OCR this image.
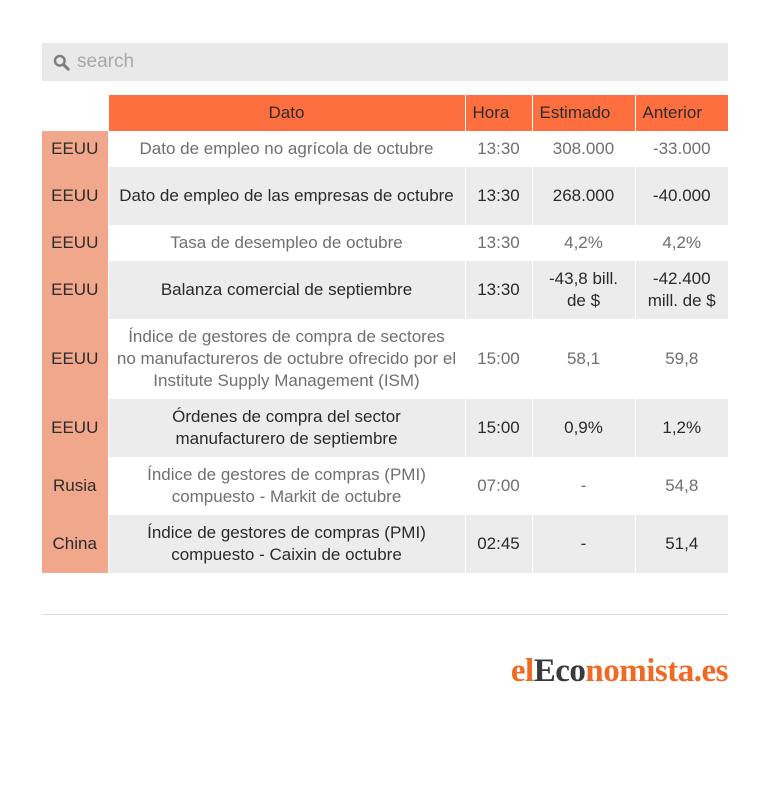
search
	Dato	Hora	Estimado	Anterior
EEUU	Dato de empleo no agrícola de octubre	13:30	308.000	-33.000
EEUU	Dato de empleo de las empresas de octubre	13:30	268.000	-40.000
EEUU	Tasa de desempleo de octubre	13:30	4,2%	4,2%
EEUU	Balanza comercial de septiembre	13:30	-43,8 bill. de $	-42.400 mill. de $
EEUU	Índice de gestores de compra de sectores no manufactureros de octubre ofrecido por el Institute Supply Management (ISM)	15:00	58,1	59,8
EEUU	Órdenes de compra del sector manufacturero de septiembre	15:00	0,9%	1,2%
Rusia	Índice de gestores de compras (PMI) compuesto - Markit de octubre	07:00	-	54,8
China	Índice de gestores de compras (PMI) compuesto - Caixin de octubre	02:45	-	51,4
elEconomista.es
